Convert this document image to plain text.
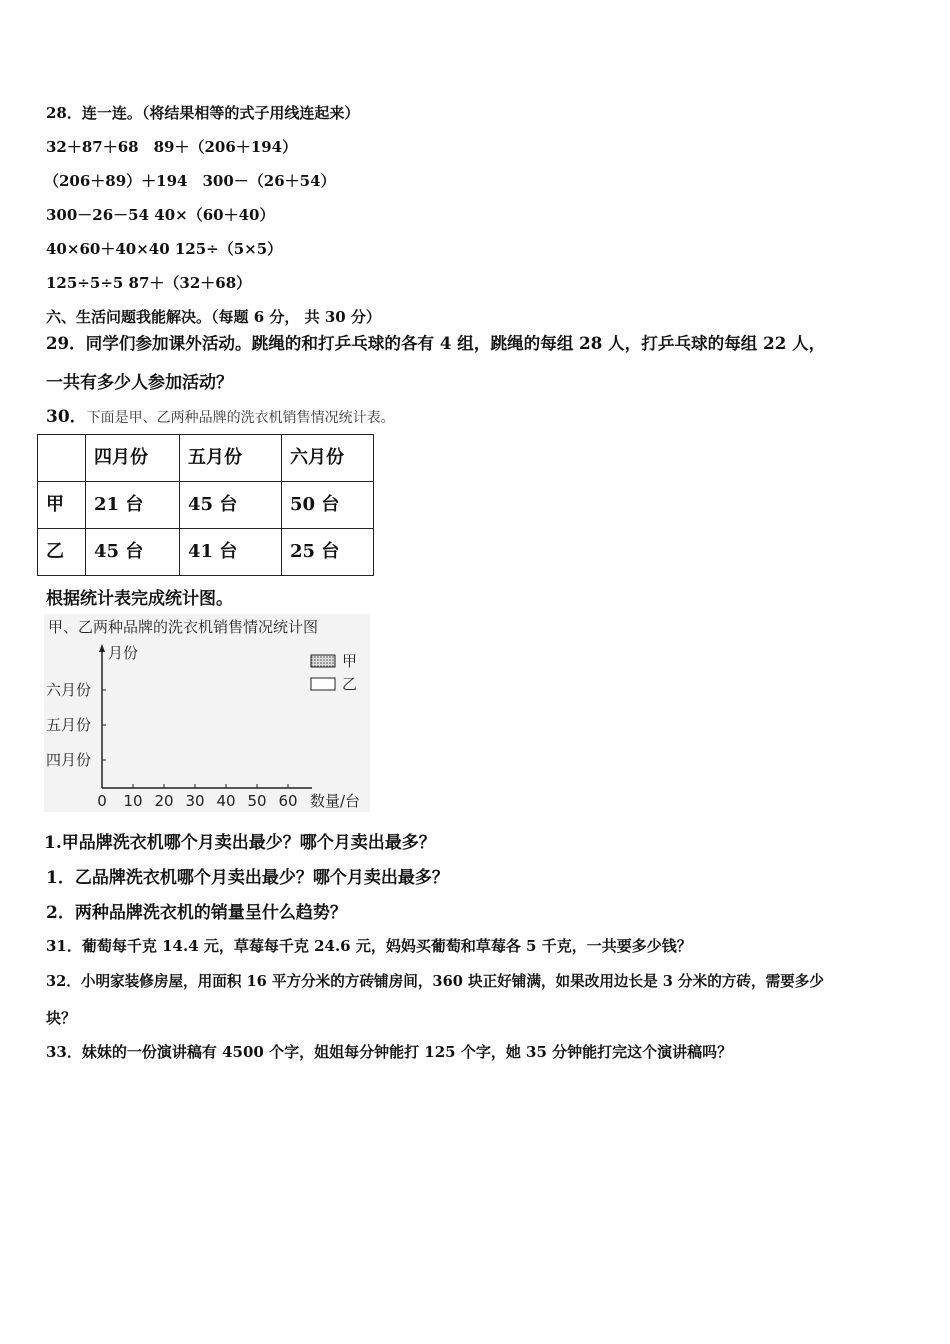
28．连一连。（将结果相等的式子用线连起来）
32＋87＋68　89＋（206＋194）
（206＋89）＋194　300－（26＋54）
300－26－54 40×（60＋40）
40×60＋40×40 125÷（5×5）
125÷5÷5 87＋（32＋68）
六、生活问题我能解决。（每题 6 分， 共 30 分）
29．同学们参加课外活动。跳绳的和打乒乓球的各有 4 组，跳绳的每组 28 人，打乒乓球的每组 22 人，
一共有多少人参加活动？
30．下面是甲、乙两种品牌的洗衣机销售情况统计表。
	四月份	五月份	六月份
甲	21 台	45 台	50 台
乙	45 台	41 台	25 台
根据统计表完成统计图。
甲、乙两种品牌的洗衣机销售情况统计图
月份
数量/台
六月份
五月份
四月份
0 10 20 30 40 50 60
甲
乙
1.甲品牌洗衣机哪个月卖出最少？哪个月卖出最多？
1．乙品牌洗衣机哪个月卖出最少？哪个月卖出最多？
2．两种品牌洗衣机的销量呈什么趋势？
31．葡萄每千克 14.4 元，草莓每千克 24.6 元，妈妈买葡萄和草莓各 5 千克，一共要多少钱？
32．小明家装修房屋，用面积 16 平方分米的方砖铺房间，360 块正好铺满，如果改用边长是 3 分米的方砖，需要多少
块？
33．妹妹的一份演讲稿有 4500 个字，姐姐每分钟能打 125 个字，她 35 分钟能打完这个演讲稿吗？
